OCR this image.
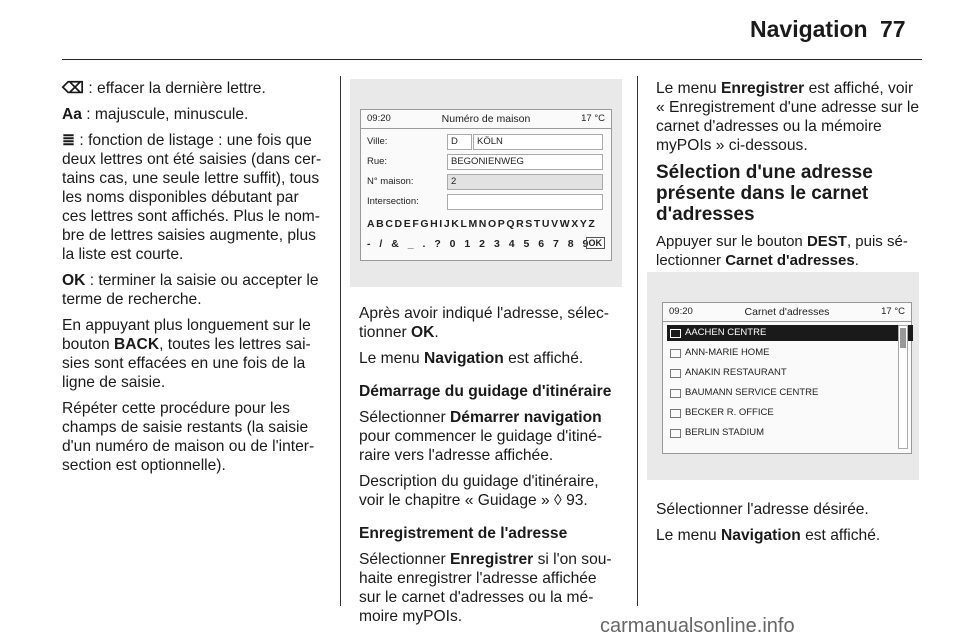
Navigation 77

⌫ : effacer la dernière lettre.

Aa : majuscule, minuscule.

≣ : fonction de listage : une fois que deux lettres ont été saisies (dans cer-tains cas, une seule lettre suffit), tous les noms disponibles débutant par ces lettres sont affichés. Plus le nom-bre de lettres saisies augmente, plus la liste est courte.

OK : terminer la saisie ou accepter le terme de recherche.

En appuyant plus longuement sur le bouton BACK, toutes les lettres sai-sies sont effacées en une fois de la ligne de saisie.

Répéter cette procédure pour les champs de saisie restants (la saisie d'un numéro de maison ou de l'inter-section est optionnelle).

09:20	Numéro de maison	17 °C
Ville:	D	KÖLN
Rue:	BEGONIENWEG
N° maison:	2
Intersection:
ABCDEFGHIJKLMNOPQRSTUVWXYZ
- / & _ . ? 0 1 2 3 4 5 6 7 8 9
OK

Après avoir indiqué l'adresse, sélec-tionner OK.

Le menu Navigation est affiché.

Démarrage du guidage d'itinéraire

Sélectionner Démarrer navigation pour commencer le guidage d'itiné-raire vers l'adresse affichée.

Description du guidage d'itinéraire, voir le chapitre « Guidage » ◊ 93.

Enregistrement de l'adresse

Sélectionner Enregistrer si l'on sou-haite enregistrer l'adresse affichée sur le carnet d'adresses ou la mé-moire myPOIs.

Le menu Enregistrer est affiché, voir « Enregistrement d'une adresse sur le carnet d'adresses ou la mémoire myPOIs » ci-dessous.

Sélection d'une adresse présente dans le carnet d'adresses

Appuyer sur le bouton DEST, puis sé-lectionner Carnet d'adresses.

09:20	Carnet d'adresses	17 °C
AACHEN CENTRE
ANN-MARIE HOME
ANAKIN RESTAURANT
BAUMANN SERVICE CENTRE
BECKER R. OFFICE
BERLIN STADIUM

Sélectionner l'adresse désirée.

Le menu Navigation est affiché.

carmanualsonline.info
